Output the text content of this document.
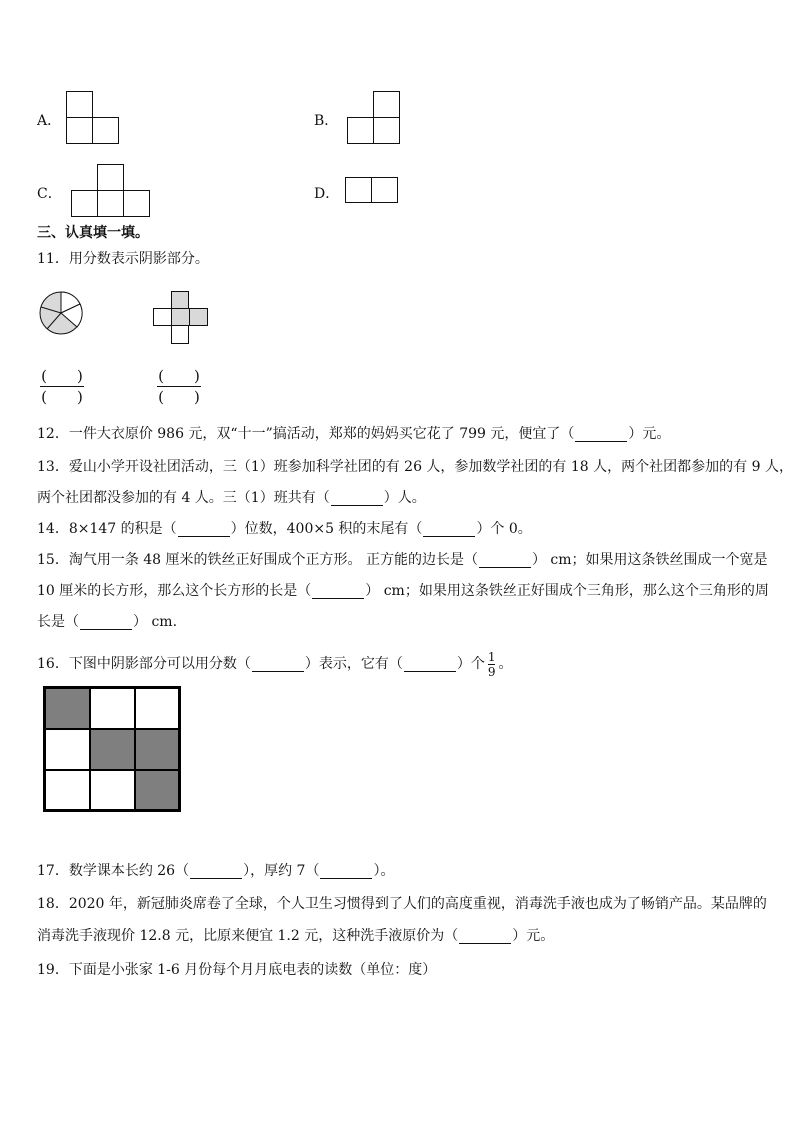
A．	B．
C．	D．
三、认真填一填。
11．用分数表示阴影部分。
(   )
(   )
(   )
(   )
12．一件大衣原价 986 元，双“十一”搞活动，郑郑的妈妈买它花了 799 元，便宜了（	）元。
13．爱山小学开设社团活动，三（1）班参加科学社团的有 26 人，参加数学社团的有 18 人，两个社团都参加的有 9 人，
两个社团都没参加的有 4 人。三（1）班共有（	）人。
14．8×147 的积是（	）位数，400×5 积的末尾有（	）个 0。
15．淘气用一条 48 厘米的铁丝正好围成个正方形。 正方能的边长是（	） cm；如果用这条铁丝围成一个宽是
10 厘米的长方形，那么这个长方形的长是（	） cm；如果用这条铁丝正好围成个三角形，那么这个三角形的周
长是（	） cm.
16．下图中阴影部分可以用分数（	）表示，它有（	）个 $\frac{1}{9}$ 。
17．数学课本长约 26（	），厚约 7（	）。
18．2020 年，新冠肺炎席卷了全球，个人卫生习惯得到了人们的高度重视，消毒洗手液也成为了畅销产品。某品牌的
消毒洗手液现价 12.8 元，比原来便宜 1.2 元，这种洗手液原价为（	）元。
19．下面是小张家 1-6 月份每个月月底电表的读数（单位：度）
